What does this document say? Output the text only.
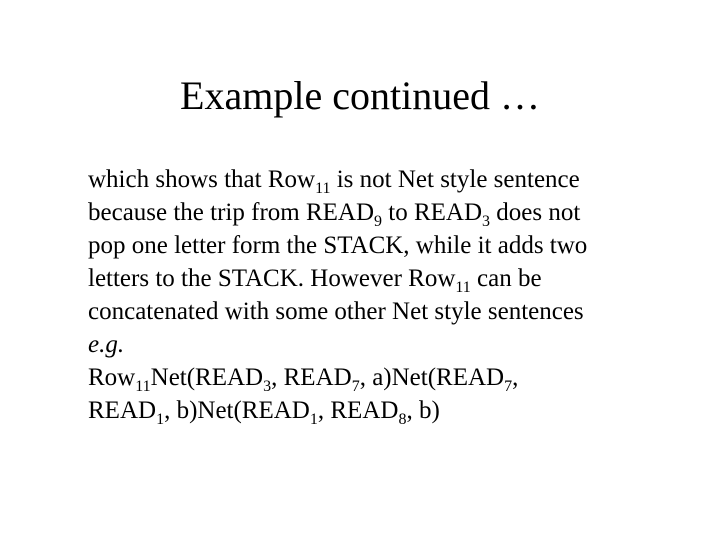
Example continued …
which shows that Row$_{11}$ is not Net style sentence
because the trip from $READ_9$ to $READ_3$ does not
pop one letter form the STACK, while it adds two
letters to the STACK. However Row$_{11}$ can be
concatenated with some other Net style sentences
e.g.
$Row_{11}Net(READ_3$, $READ_7$, $a)Net(READ_7$,
$READ_1$, $b)Net(READ_1$, $READ_8$, b)
